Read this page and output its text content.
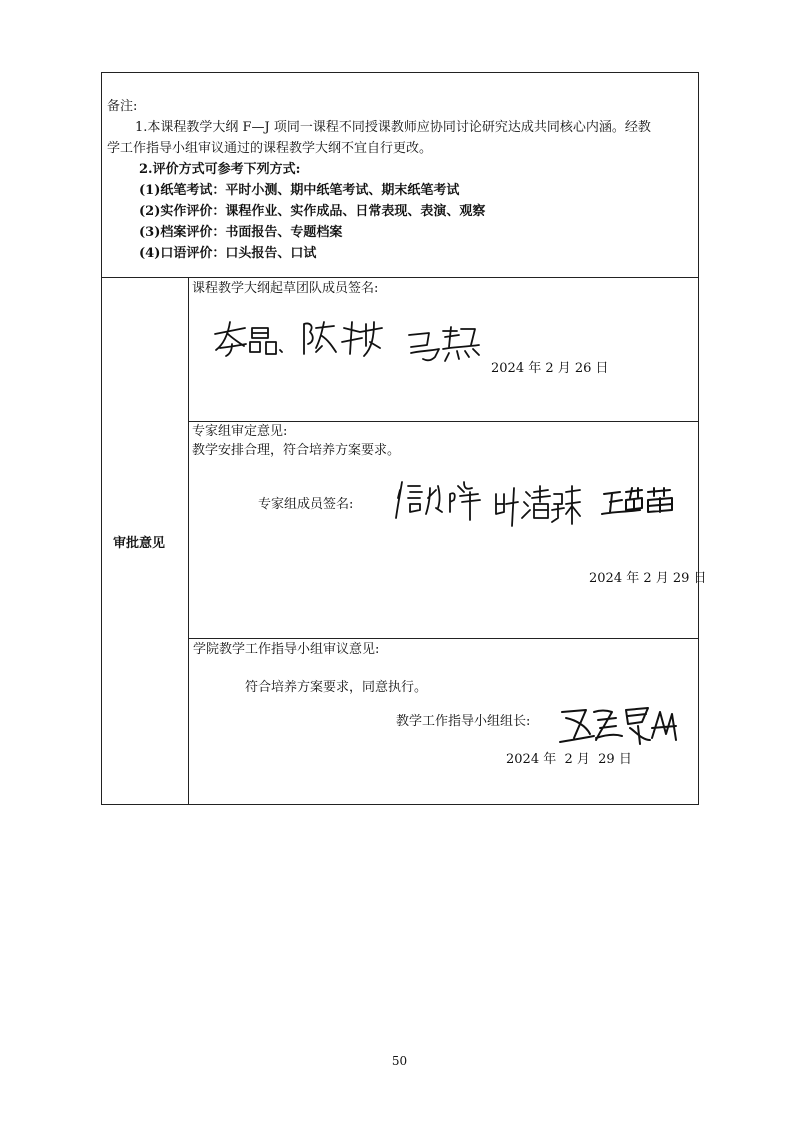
备注:

1.本课程教学大纲 F—J 项同一课程不同授课教师应协同讨论研究达成共同核心内涵。经教

学工作指导小组审议通过的课程教学大纲不宜自行更改。

2.评价方式可参考下列方式:

(1)纸笔考试：平时小测、期中纸笔考试、期末纸笔考试

(2)实作评价：课程作业、实作成品、日常表现、表演、观察

(3)档案评价：书面报告、专题档案

(4)口语评价：口头报告、口试

审批意见
课程教学大纲起草团队成员签名:
2024 年 2 月 26 日
专家组审定意见:
教学安排合理，符合培养方案要求。
专家组成员签名:
2024 年 2 月 29 日
学院教学工作指导小组审议意见:
符合培养方案要求，同意执行。
教学工作指导小组组长:
2024 年  2 月  29 日
50
